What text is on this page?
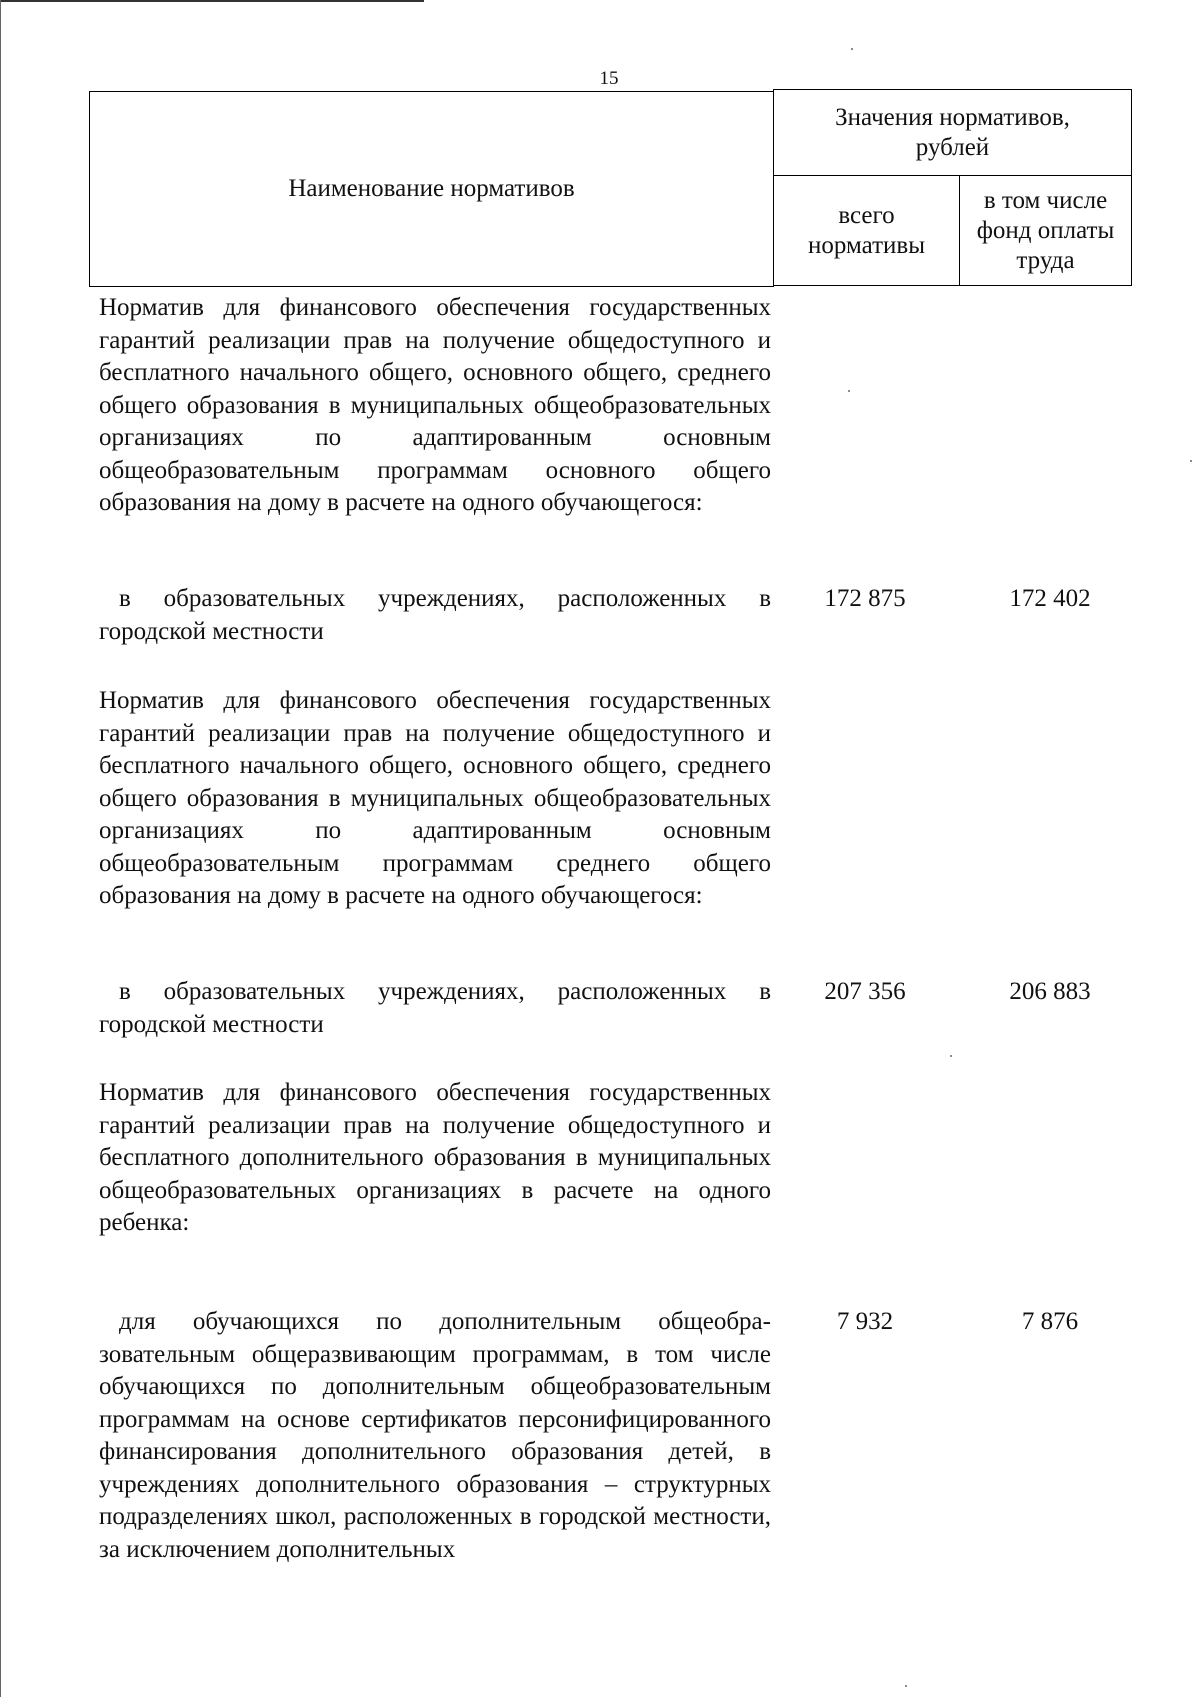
15
Наименование нормативов
Значения нормативов, рублей
всего нормативы
в том числе фонд оплаты труда
Норматив для финансового обеспечения государственных гарантий реализации прав на получение общедоступного и бесплатного начального общего, основного общего, среднего общего образования в муниципальных общеобразовательных организациях по адаптированным основным общеобразовательным программам основного общего образования на дому в расчете на одного обучающегося:
в образовательных учреждениях, расположенных в городской местности
172 875	172 402
Норматив для финансового обеспечения государственных гарантий реализации прав на получение общедоступного и бесплатного начального общего, основного общего, среднего общего образования в муниципальных общеобразовательных организациях по адаптированным основным общеобразовательным программам среднего общего образования на дому в расчете на одного обучающегося:
в образовательных учреждениях, расположенных в городской местности
207 356	206 883
Норматив для финансового обеспечения государственных гарантий реализации прав на получение общедоступного и бесплатного дополнительного образования в муниципальных общеобразовательных организациях в расчете на одного ребенка:
для обучающихся по дополнительным общеобразовательным общеразвивающим программам, в том числе обучающихся по дополнительным общеобразовательным программам на основе сертификатов персонифицированного финансирования дополнительного образования детей, в учреждениях дополнительного образования – структурных подразделениях школ, расположенных в городской местности, за исключением дополнительных
7 932	7 876
